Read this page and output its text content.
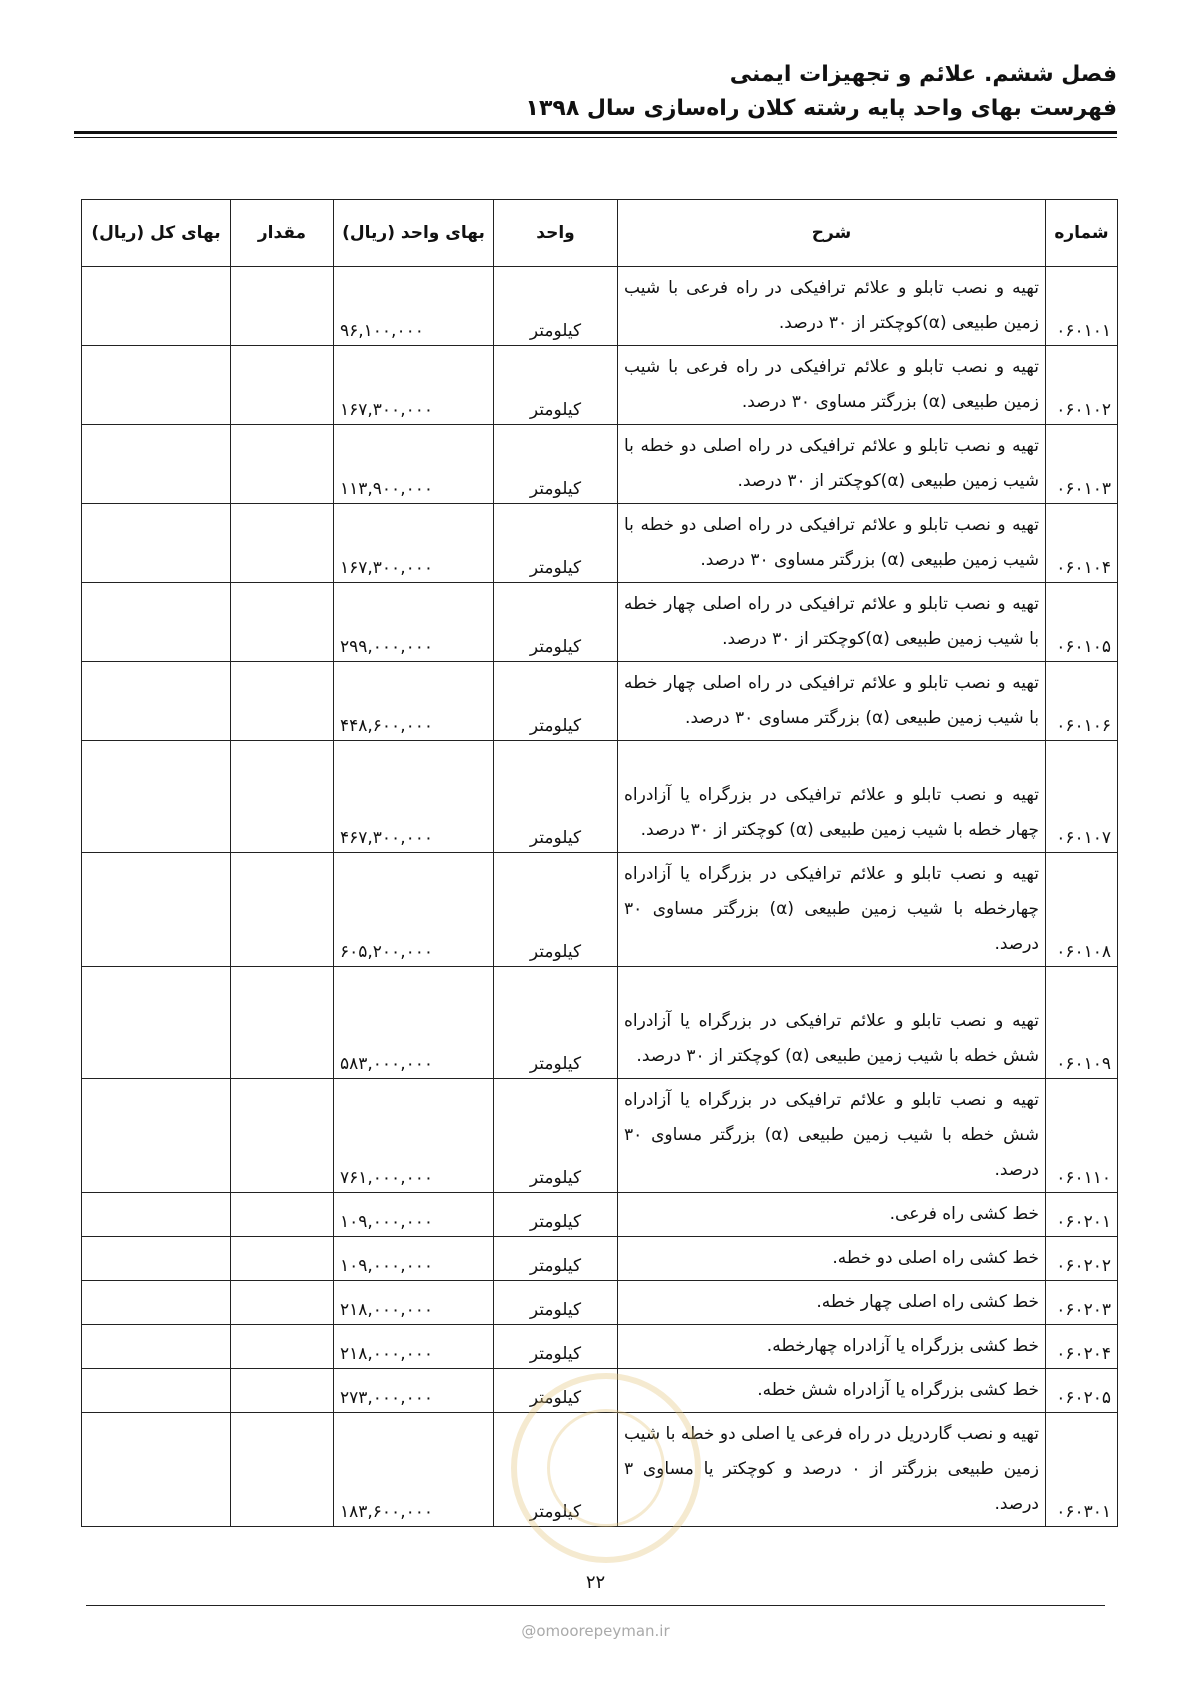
فصل ششم. علائم و تجهیزات ایمنی
فهرست بهای واحد پایه رشته کلان راه‌سازی سال ۱۳۹۸
شماره	شرح	واحد	بهای واحد (ریال)	مقدار	بهای کل (ریال)
۰۶۰۱۰۱	تهیه و نصب تابلو و علائم ترافیکی در راه فرعی با شیب زمین طبیعی (α)کوچکتر از ۳۰ درصد.	کیلومتر	۹۶,۱۰۰,۰۰۰		
۰۶۰۱۰۲	تهیه و نصب تابلو و علائم ترافیکی در راه فرعی با شیب زمین طبیعی (α) بزرگتر مساوی ۳۰ درصد.	کیلومتر	۱۶۷,۳۰۰,۰۰۰		
۰۶۰۱۰۳	تهیه و نصب تابلو و علائم ترافیکی در راه اصلی دو خطه با شیب زمین طبیعی (α)کوچکتر از ۳۰ درصد.	کیلومتر	۱۱۳,۹۰۰,۰۰۰		
۰۶۰۱۰۴	تهیه و نصب تابلو و علائم ترافیکی در راه اصلی دو خطه با شیب زمین طبیعی (α) بزرگتر مساوی ۳۰ درصد.	کیلومتر	۱۶۷,۳۰۰,۰۰۰		
۰۶۰۱۰۵	تهیه و نصب تابلو و علائم ترافیکی در راه اصلی چهار خطه با شیب زمین طبیعی (α)کوچکتر از ۳۰ درصد.	کیلومتر	۲۹۹,۰۰۰,۰۰۰		
۰۶۰۱۰۶	تهیه و نصب تابلو و علائم ترافیکی در راه اصلی چهار خطه با شیب زمین طبیعی (α) بزرگتر مساوی ۳۰ درصد.	کیلومتر	۴۴۸,۶۰۰,۰۰۰		
۰۶۰۱۰۷	تهیه و نصب تابلو و علائم ترافیکی در بزرگراه یا آزادراه چهار خطه با شیب زمین طبیعی (α) کوچکتر از ۳۰ درصد.	کیلومتر	۴۶۷,۳۰۰,۰۰۰		
۰۶۰۱۰۸	تهیه و نصب تابلو و علائم ترافیکی در بزرگراه یا آزادراه چهارخطه با شیب زمین طبیعی (α) بزرگتر مساوی ۳۰ درصد.	کیلومتر	۶۰۵,۲۰۰,۰۰۰		
۰۶۰۱۰۹	تهیه و نصب تابلو و علائم ترافیکی در بزرگراه یا آزادراه شش خطه با شیب زمین طبیعی (α) کوچکتر از ۳۰ درصد.	کیلومتر	۵۸۳,۰۰۰,۰۰۰		
۰۶۰۱۱۰	تهیه و نصب تابلو و علائم ترافیکی در بزرگراه یا آزادراه شش خطه با شیب زمین طبیعی (α) بزرگتر مساوی ۳۰ درصد.	کیلومتر	۷۶۱,۰۰۰,۰۰۰		
۰۶۰۲۰۱	خط کشی راه فرعی.	کیلومتر	۱۰۹,۰۰۰,۰۰۰		
۰۶۰۲۰۲	خط کشی راه اصلی دو خطه.	کیلومتر	۱۰۹,۰۰۰,۰۰۰		
۰۶۰۲۰۳	خط کشی راه اصلی چهار خطه.	کیلومتر	۲۱۸,۰۰۰,۰۰۰		
۰۶۰۲۰۴	خط کشی بزرگراه یا آزادراه چهارخطه.	کیلومتر	۲۱۸,۰۰۰,۰۰۰		
۰۶۰۲۰۵	خط کشی بزرگراه یا آزادراه شش خطه.	کیلومتر	۲۷۳,۰۰۰,۰۰۰		
۰۶۰۳۰۱	تهیه و نصب گاردریل در راه فرعی یا اصلی دو خطه با شیب زمین طبیعی بزرگتر از ۰ درصد و کوچکتر یا مساوی ۳ درصد.	کیلومتر	۱۸۳,۶۰۰,۰۰۰		
۲۲
@omoorepeyman.ir
